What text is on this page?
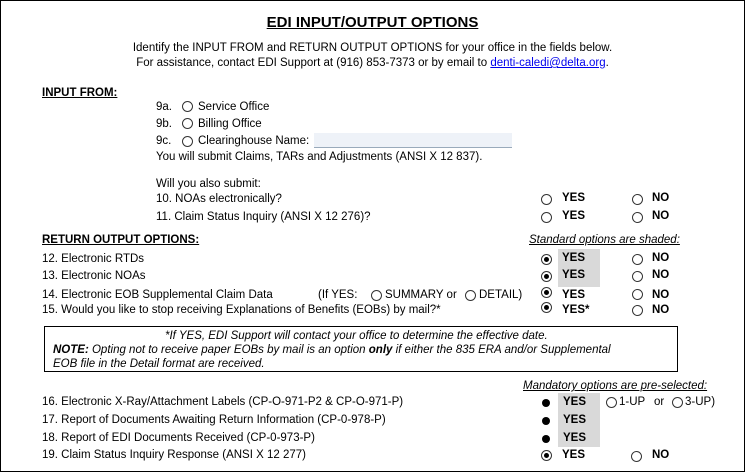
EDI INPUT/OUTPUT OPTIONS
Identify the INPUT FROM and RETURN OUTPUT OPTIONS for your office in the fields below.
For assistance, contact EDI Support at (916) 853-7373 or by email to denti-caledi@delta.org.
INPUT FROM:
9a. Service Office
9b. Billing Office
9c. Clearinghouse Name:
You will submit Claims, TARs and Adjustments (ANSI X 12 837).
Will you also submit:
10. NOAs electronically?	YES	NO
11. Claim Status Inquiry (ANSI X 12 276)?	YES	NO
RETURN OUTPUT OPTIONS:	Standard options are shaded:
12. Electronic RTDs	YES	NO
13. Electronic NOAs	YES	NO
14. Electronic EOB Supplemental Claim Data	(If YES: SUMMARY or DETAIL)	YES	NO
15. Would you like to stop receiving Explanations of Benefits (EOBs) by mail?*	YES*	NO
*If YES, EDI Support will contact your office to determine the effective date.
NOTE: Opting not to receive paper EOBs by mail is an option only if either the 835 ERA and/or Supplemental
EOB file in the Detail format are received.
Mandatory options are pre-selected:
16. Electronic X-Ray/Attachment Labels (CP-O-971-P2 & CP-O-971-P)	YES	1-UP or 3-UP)
17. Report of Documents Awaiting Return Information (CP-0-978-P)	YES
18. Report of EDI Documents Received (CP-0-973-P)	YES
19. Claim Status Inquiry Response (ANSI X 12 277)	YES	NO
